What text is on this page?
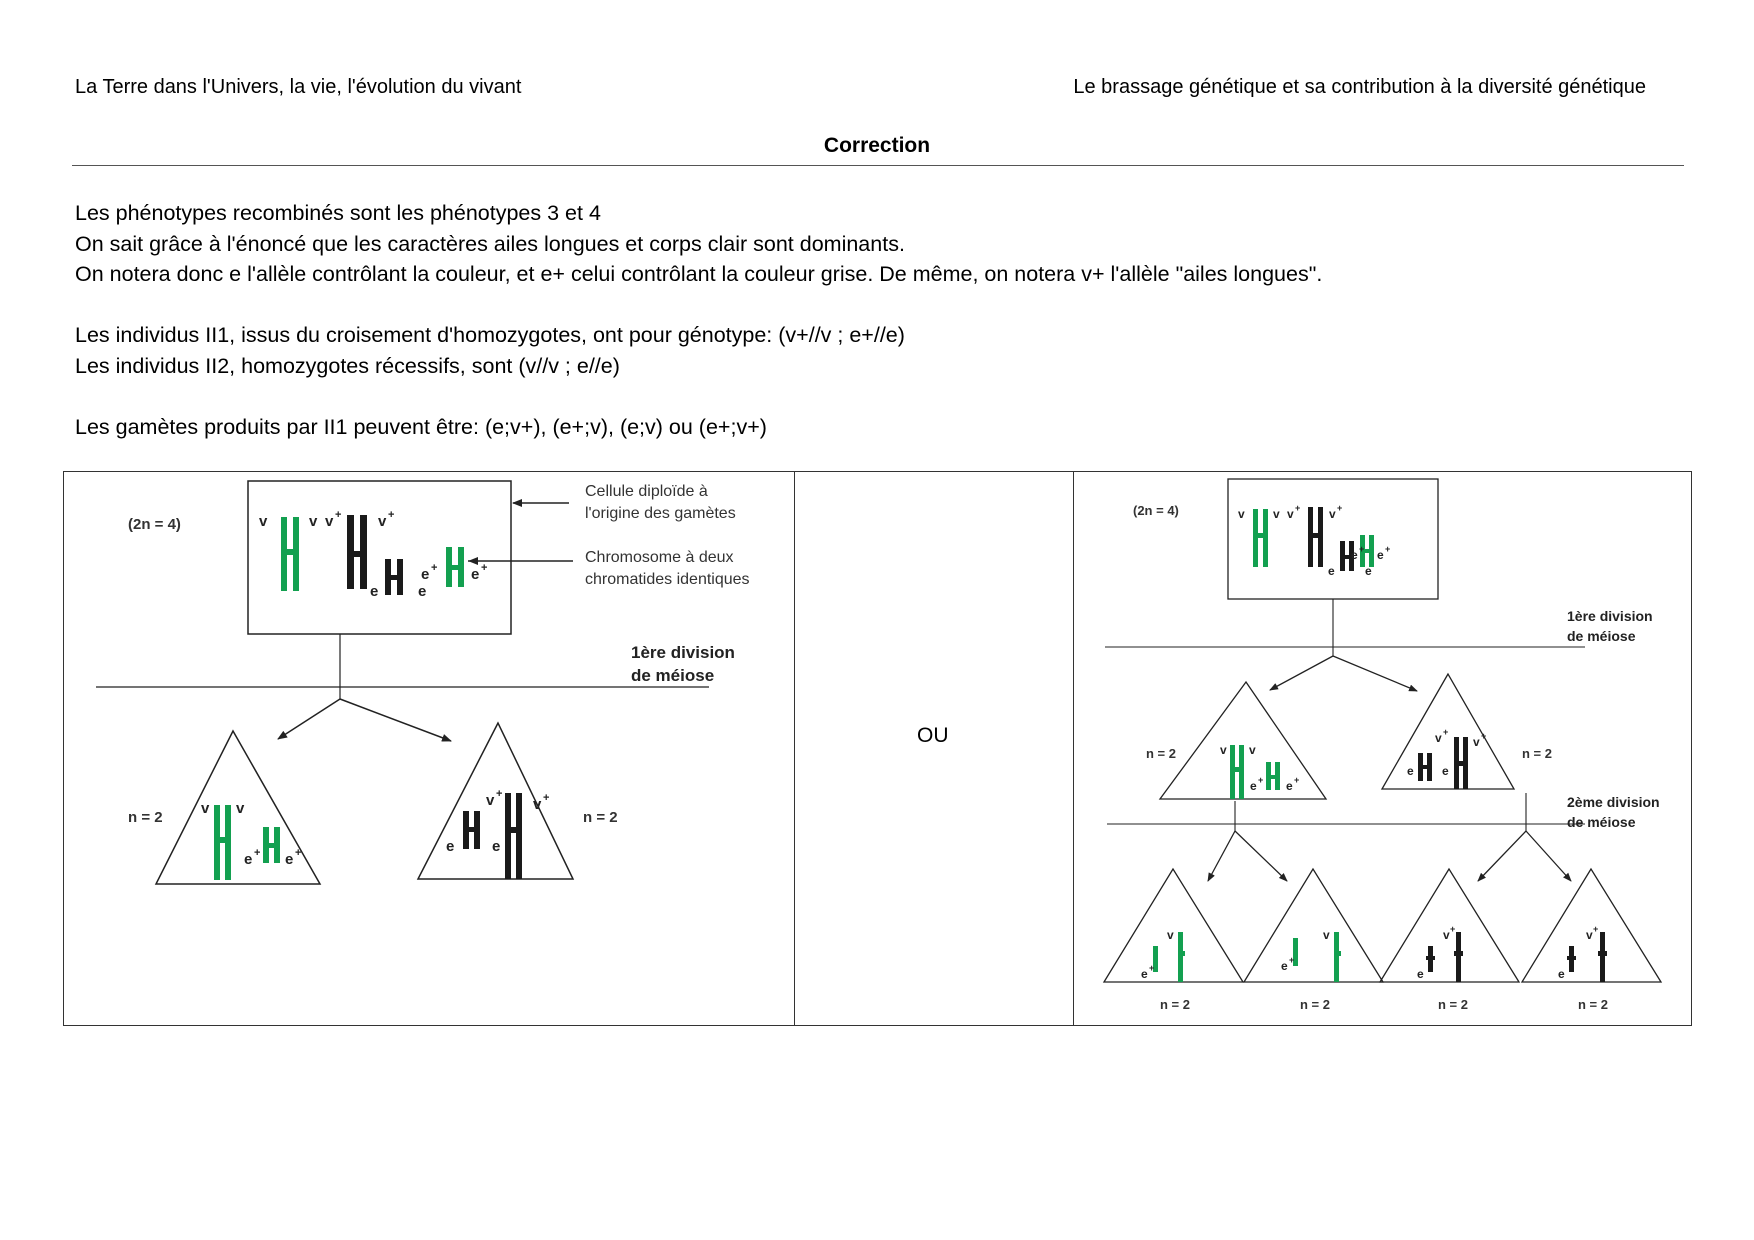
La Terre dans l'Univers, la vie, l'évolution du vivant	Le brassage génétique et sa contribution à la diversité génétique
Correction

Les phénotypes recombinés sont les phénotypes 3 et 4

On sait grâce à l'énoncé que les caractères ailes longues et corps clair sont dominants.

On notera donc e l'allèle contrôlant la couleur, et e+ celui contrôlant la couleur grise. De même, on notera v+ l'allèle "ailes longues".

Les individus II1, issus du croisement d'homozygotes, ont pour génotype: (v+//v ; e+//e)

Les individus II2, homozygotes récessifs, sont (v//v ; e//e)

Les gamètes produits par II1 peuvent être: (e;v+), (e+;v), (e;v) ou (e+;v+)

OU
(2n = 4)	v	v v + v +
e	e
e + e +
Cellule diploïde à
l'origine des gamètes
Chromosome à deux
chromatides identiques
1ère division
de méiose
n = 2
v v
e + e +
n = 2
e	e
v +
v +
(2n = 4)	v v v + v +
e	e
e + e +
1ère division
de méiose
n = 2	v v
e + e +
n = 2
e e
v +
v +
2ème division
de méiose
e +
v
e +
v
e
v +
e
v +
n = 2	n = 2	n = 2	n = 2
